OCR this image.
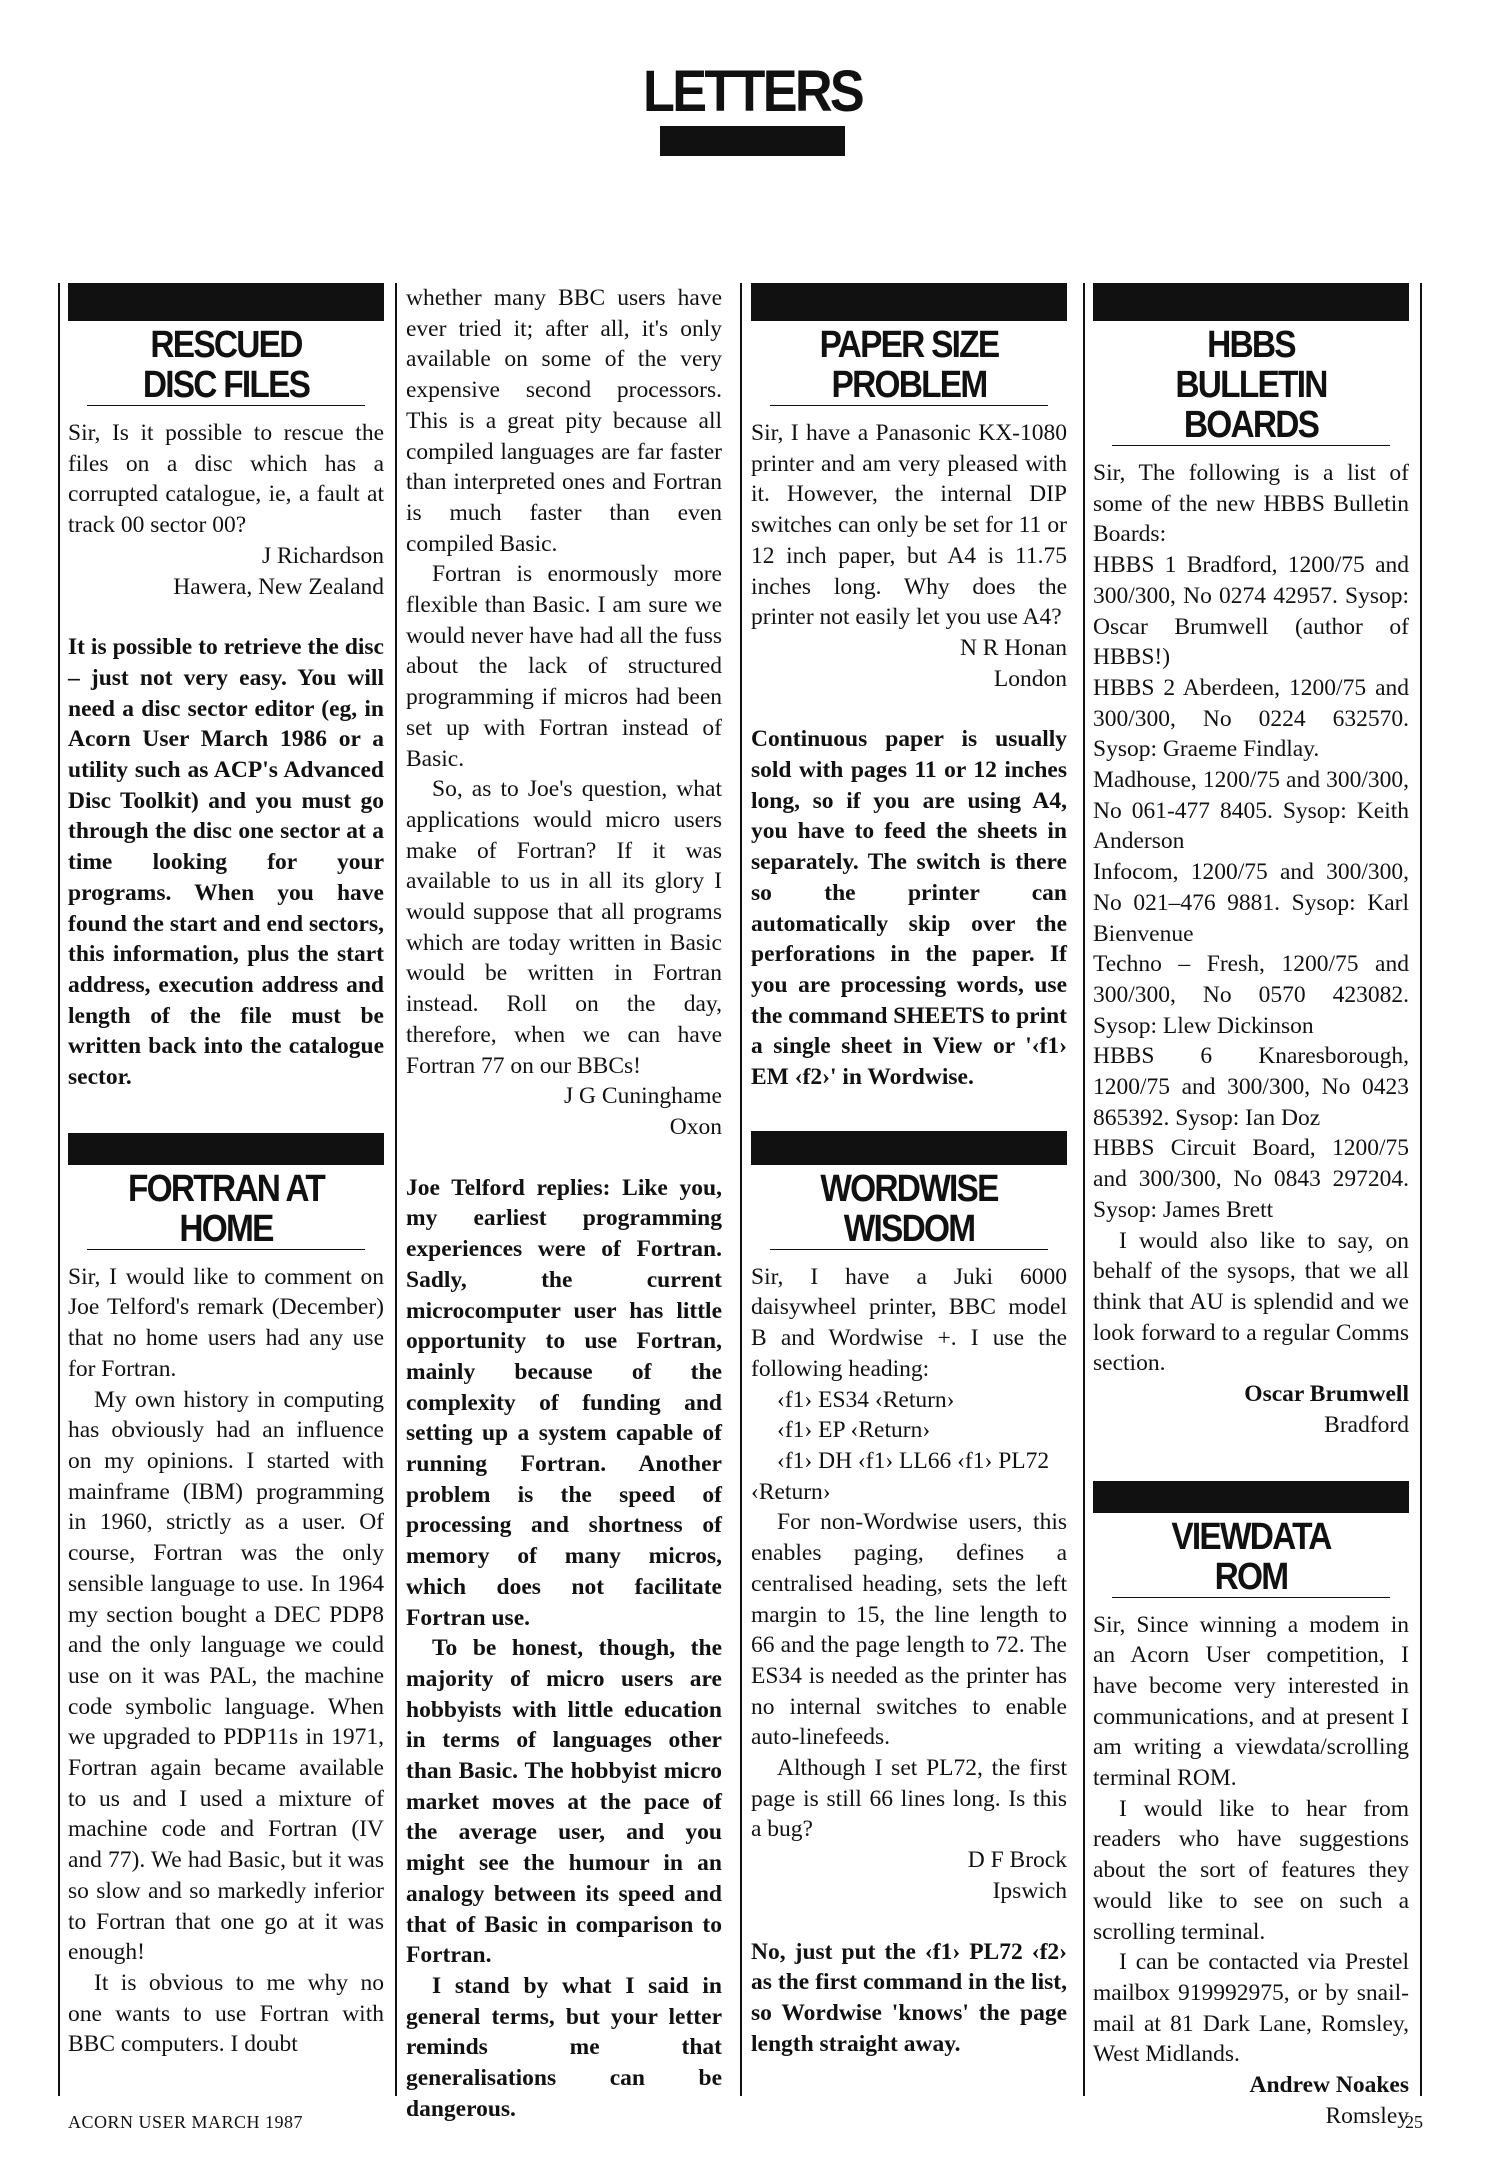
LETTERS
RESCUED
DISC FILES

Sir, Is it possible to rescue the files on a disc which has a corrupted catalogue, ie, a fault at track 00 sector 00?

J Richardson

Hawera, New Zealand

It is possible to retrieve the disc – just not very easy. You will need a disc sector editor (eg, in Acorn User March 1986 or a utility such as ACP's Advanced Disc Toolkit) and you must go through the disc one sector at a time looking for your programs. When you have found the start and end sectors, this information, plus the start address, execution address and length of the file must be written back into the catalogue sector.

FORTRAN AT
HOME

Sir, I would like to comment on Joe Telford's remark (December) that no home users had any use for Fortran.

My own history in computing has obviously had an influence on my opinions. I started with mainframe (IBM) programming in 1960, strictly as a user. Of course, Fortran was the only sensible language to use. In 1964 my section bought a DEC PDP8 and the only language we could use on it was PAL, the machine code symbolic language. When we upgraded to PDP11s in 1971, Fortran again became available to us and I used a mixture of machine code and Fortran (IV and 77). We had Basic, but it was so slow and so markedly inferior to Fortran that one go at it was enough!

It is obvious to me why no one wants to use Fortran with BBC computers. I doubt

whether many BBC users have ever tried it; after all, it's only available on some of the very expensive second processors. This is a great pity because all compiled languages are far faster than interpreted ones and Fortran is much faster than even compiled Basic.

Fortran is enormously more flexible than Basic. I am sure we would never have had all the fuss about the lack of structured programming if micros had been set up with Fortran instead of Basic.

So, as to Joe's question, what applications would micro users make of Fortran? If it was available to us in all its glory I would suppose that all programs which are today written in Basic would be written in Fortran instead. Roll on the day, therefore, when we can have Fortran 77 on our BBCs!

J G Cuninghame

Oxon

Joe Telford replies: Like you, my earliest programming experiences were of Fortran. Sadly, the current microcomputer user has little opportunity to use Fortran, mainly because of the complexity of funding and setting up a system capable of running Fortran. Another problem is the speed of processing and shortness of memory of many micros, which does not facilitate Fortran use.

To be honest, though, the majority of micro users are hobbyists with little education in terms of languages other than Basic. The hobbyist micro market moves at the pace of the average user, and you might see the humour in an analogy between its speed and that of Basic in comparison to Fortran.

I stand by what I said in general terms, but your letter reminds me that generalisations can be dangerous.

PAPER SIZE
PROBLEM

Sir, I have a Panasonic KX-1080 printer and am very pleased with it. However, the internal DIP switches can only be set for 11 or 12 inch paper, but A4 is 11.75 inches long. Why does the printer not easily let you use A4?

N R Honan

London

Continuous paper is usually sold with pages 11 or 12 inches long, so if you are using A4, you have to feed the sheets in separately. The switch is there so the printer can automatically skip over the perforations in the paper. If you are processing words, use the command SHEETS to print a single sheet in View or '‹f1› EM ‹f2›' in Wordwise.

WORDWISE
WISDOM

Sir, I have a Juki 6000 daisywheel printer, BBC model B and Wordwise +. I use the following heading:

‹f1› ES34 ‹Return›

‹f1› EP ‹Return›

‹f1› DH ‹f1› LL66 ‹f1› PL72 ‹Return›

For non-Wordwise users, this enables paging, defines a centralised heading, sets the left margin to 15, the line length to 66 and the page length to 72. The ES34 is needed as the printer has no internal switches to enable auto-linefeeds.

Although I set PL72, the first page is still 66 lines long. Is this a bug?

D F Brock

Ipswich

No, just put the ‹f1› PL72 ‹f2› as the first command in the list, so Wordwise 'knows' the page length straight away.

HBBS
BULLETIN BOARDS

Sir, The following is a list of some of the new HBBS Bulletin Boards:

HBBS 1 Bradford, 1200/75 and 300/300, No 0274 42957. Sysop: Oscar Brumwell (author of HBBS!)

HBBS 2 Aberdeen, 1200/75 and 300/300, No 0224 632570. Sysop: Graeme Findlay.

Madhouse, 1200/75 and 300/300, No 061-477 8405. Sysop: Keith Anderson

Infocom, 1200/75 and 300/300, No 021–476 9881. Sysop: Karl Bienvenue

Techno – Fresh, 1200/75 and 300/300, No 0570 423082. Sysop: Llew Dickinson

HBBS 6 Knaresborough, 1200/75 and 300/300, No 0423 865392. Sysop: Ian Doz

HBBS Circuit Board, 1200/75 and 300/300, No 0843 297204. Sysop: James Brett

I would also like to say, on behalf of the sysops, that we all think that AU is splendid and we look forward to a regular Comms section.

Oscar Brumwell

Bradford

VIEWDATA
ROM

Sir, Since winning a modem in an Acorn User competition, I have become very interested in communications, and at present I am writing a viewdata/scrolling terminal ROM.

I would like to hear from readers who have suggestions about the sort of features they would like to see on such a scrolling terminal.

I can be contacted via Prestel mailbox 919992975, or by snail-mail at 81 Dark Lane, Romsley, West Midlands.

Andrew Noakes

Romsley

ACORN USER MARCH 1987	25
